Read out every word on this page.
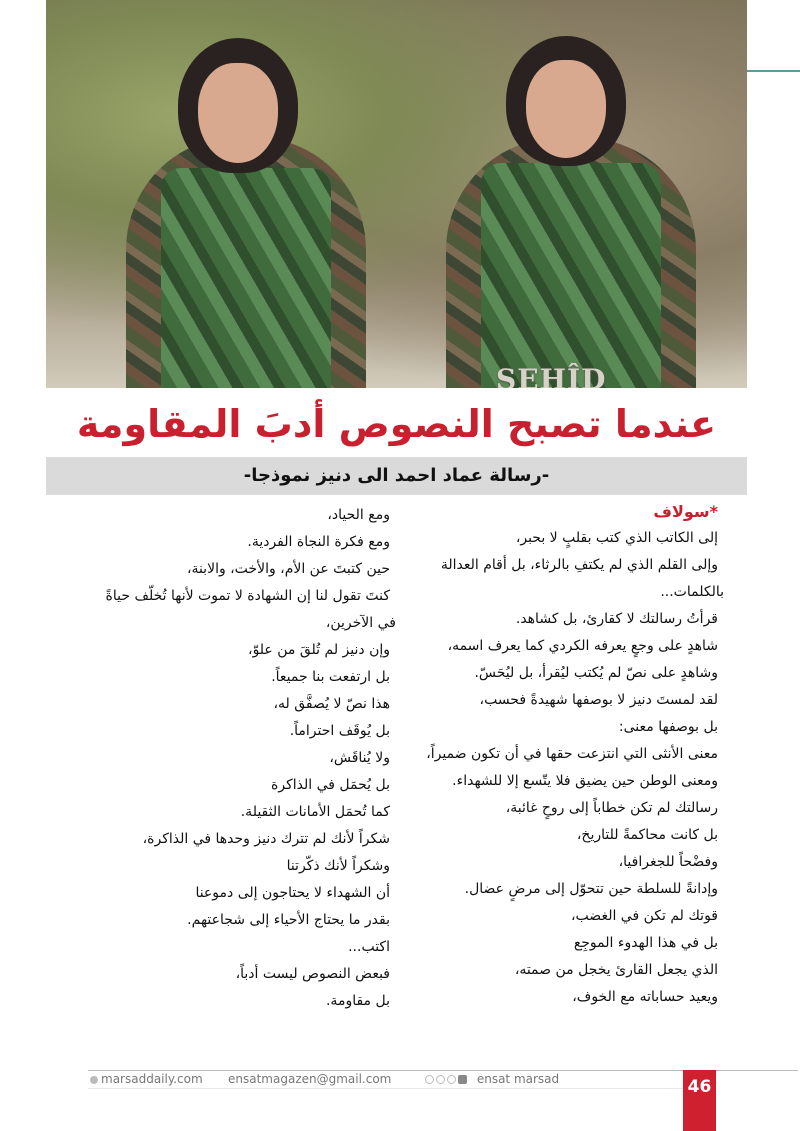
SEHÎD
عندما تصبح النصوص أدبَ المقاومة
-رسالة عماد احمد الى دنيز نموذجا-
*سولاف
إلى الكاتب الذي كتب بقلبٍ لا بحبر،
وإلى القلم الذي لم يكتفِ بالرثاء، بل أقام العدالة
بالكلمات...
قرأتُ رسالتك لا كقارئ، بل كشاهد.
شاهدٍ على وجعٍ يعرفه الكردي كما يعرف اسمه،
وشاهدٍ على نصّ لم يُكتب ليُقرأ، بل ليُحَسّ.
لقد لمستَ دنيز لا بوصفها شهيدةً فحسب،
بل بوصفها معنى:
معنى الأنثى التي انتزعت حقها في أن تكون ضميراً،
ومعنى الوطن حين يضيق فلا يتّسع إلا للشهداء.
رسالتك لم تكن خطاباً إلى روحٍ غائبة،
بل كانت محاكمةً للتاريخ،
وفضْحاً للجغرافيا،
وإدانةً للسلطة حين تتحوّل إلى مرضٍ عضال.
قوتك لم تكن في الغضب،
بل في هذا الهدوء الموجِع
الذي يجعل القارئ يخجل من صمته،
ويعيد حساباته مع الخوف،
ومع الحياد،
ومع فكرة النجاة الفردية.
حين كتبتَ عن الأم، والأخت، والابنة،
كنتَ تقول لنا إن الشهادة لا تموت لأنها تُخلّف حياةً
في الآخرين،
وإن دنيز لم تُلقَ من علوّ،
بل ارتفعت بنا جميعاً.
هذا نصّ لا يُصفَّق له،
بل يُوقَف احتراماً.
ولا يُناقَش،
بل يُحمَل في الذاكرة
كما تُحمَل الأمانات الثقيلة.
شكراً لأنك لم تترك دنيز وحدها في الذاكرة،
وشكراً لأنك ذكّرتنا
أن الشهداء لا يحتاجون إلى دموعنا
بقدر ما يحتاج الأحياء إلى شجاعتهم.
اكتب...
فبعض النصوص ليست أدباً،
بل مقاومة.
marsaddaily.com ensatmagazen@gmail.com	ensat marsad	46
